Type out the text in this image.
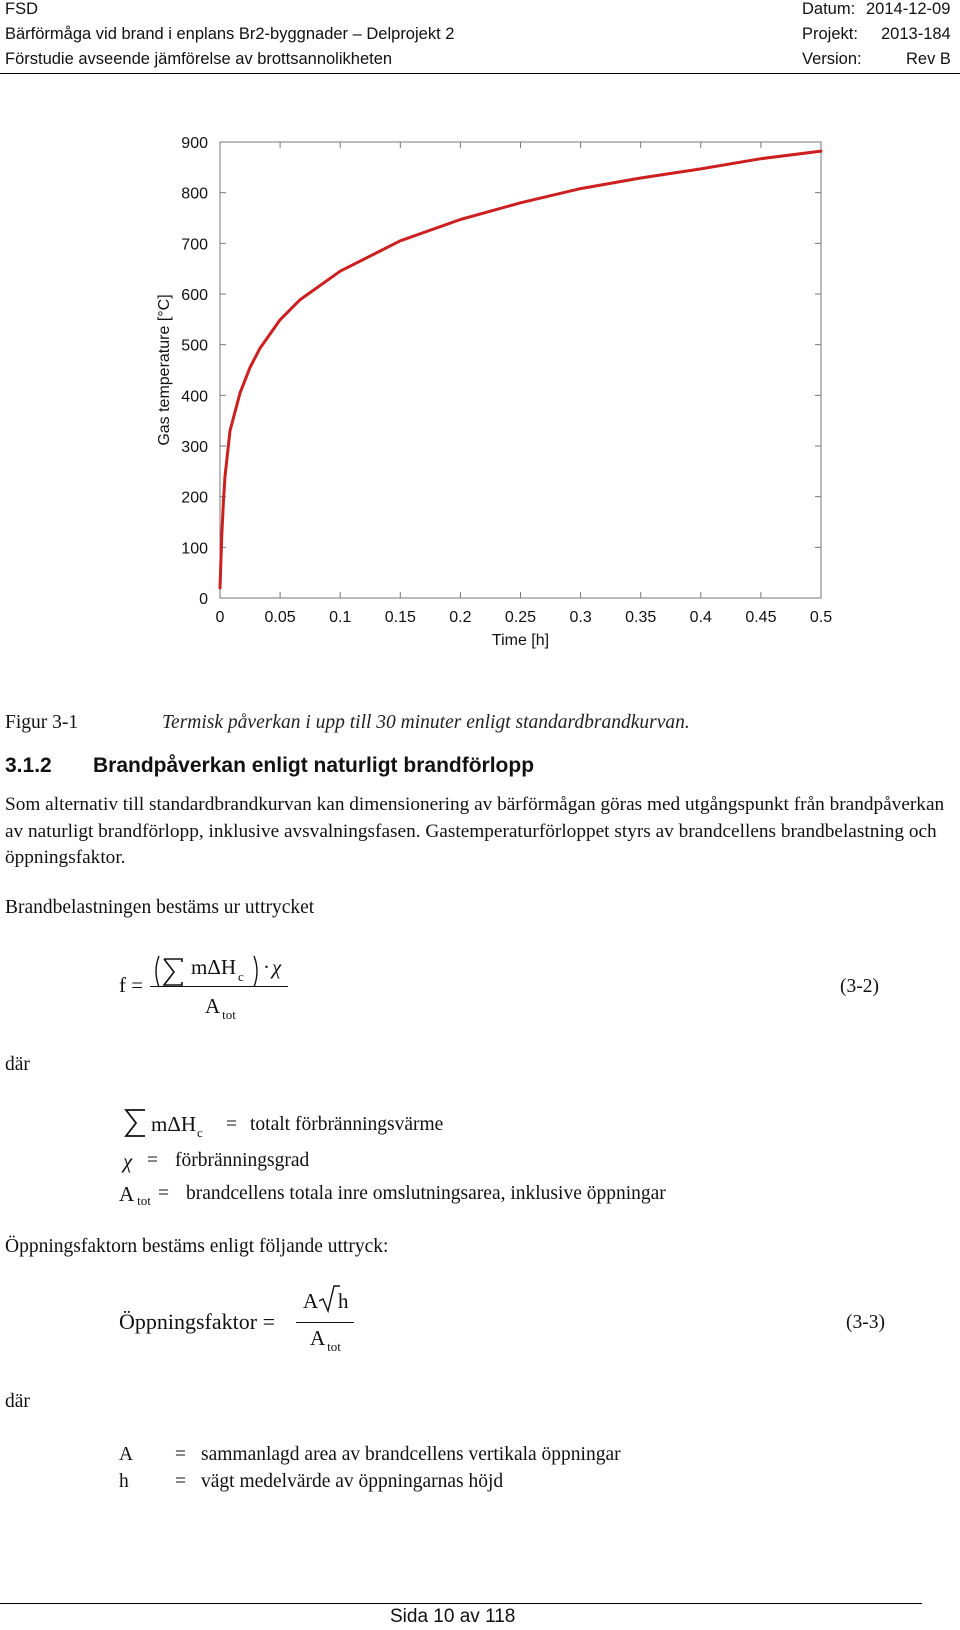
FSD
Bärförmåga vid brand i enplans Br2-byggnader – Delprojekt 2
Förstudie avseende jämförelse av brottsannolikheten
Datum: 2014-12-09
Projekt: 2013-184
Version:	Rev B
0
100
200
300
400
500
600
700
800
900
0	0.05 0.1 0.15 0.2 0.25 0.3 0.35 0.4 0.45 0.5
Time [h]
Gas temperature [°C]
Figur 3-1	Termisk påverkan i upp till 30 minuter enligt standardbrandkurvan.
3.1.2 Brandpåverkan enligt naturligt brandförlopp
Som alternativ till standardbrandkurvan kan dimensionering av bärförmågan göras med utgångspunkt från brandpåverkan av naturligt brandförlopp, inklusive avsvalningsfasen. Gastemperaturförloppet styrs av brandcellens brandbelastning och öppningsfaktor.
Brandbelastningen bestäms ur uttrycket
f =
mΔH $_c$ · χ
A $_{tot}$
(3-2)
där
mΔH$_c$ = totalt förbränningsvärme
χ = förbränningsgrad
Atot = brandcellens totala inre omslutningsarea, inklusive öppningar
Öppningsfaktorn bestäms enligt följande uttryck:
Öppningsfaktor =
A h
A $_{tot}$
(3-3)
där
A = sammanlagd area av brandcellens vertikala öppningar
h = vägt medelvärde av öppningarnas höjd
Sida 10 av 118
